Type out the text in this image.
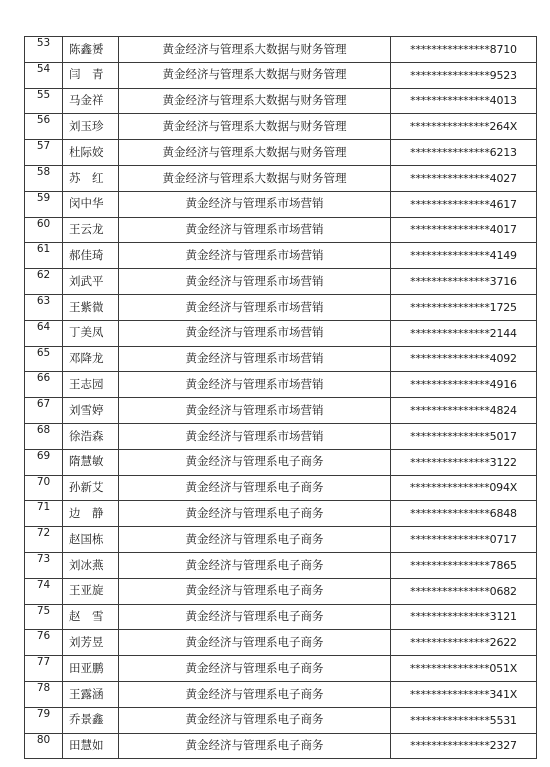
53	陈鑫赟	黄金经济与管理系大数据与财务管理	***************8710
54	闫　青	黄金经济与管理系大数据与财务管理	***************9523
55	马金祥	黄金经济与管理系大数据与财务管理	***************4013
56	刘玉珍	黄金经济与管理系大数据与财务管理	***************264X
57	杜际姣	黄金经济与管理系大数据与财务管理	***************6213
58	苏　红	黄金经济与管理系大数据与财务管理	***************4027
59	闵中华	黄金经济与管理系市场营销	***************4617
60	王云龙	黄金经济与管理系市场营销	***************4017
61	郝佳琦	黄金经济与管理系市场营销	***************4149
62	刘武平	黄金经济与管理系市场营销	***************3716
63	王紫微	黄金经济与管理系市场营销	***************1725
64	丁美凤	黄金经济与管理系市场营销	***************2144
65	邓降龙	黄金经济与管理系市场营销	***************4092
66	王志园	黄金经济与管理系市场营销	***************4916
67	刘雪婷	黄金经济与管理系市场营销	***************4824
68	徐浩森	黄金经济与管理系市场营销	***************5017
69	隋慧敏	黄金经济与管理系电子商务	***************3122
70	孙新艾	黄金经济与管理系电子商务	***************094X
71	边　静	黄金经济与管理系电子商务	***************6848
72	赵国栋	黄金经济与管理系电子商务	***************0717
73	刘冰燕	黄金经济与管理系电子商务	***************7865
74	王亚旋	黄金经济与管理系电子商务	***************0682
75	赵　雪	黄金经济与管理系电子商务	***************3121
76	刘芳昱	黄金经济与管理系电子商务	***************2622
77	田亚鹏	黄金经济与管理系电子商务	***************051X
78	王露涵	黄金经济与管理系电子商务	***************341X
79	乔景鑫	黄金经济与管理系电子商务	***************5531
80	田慧如	黄金经济与管理系电子商务	***************2327
